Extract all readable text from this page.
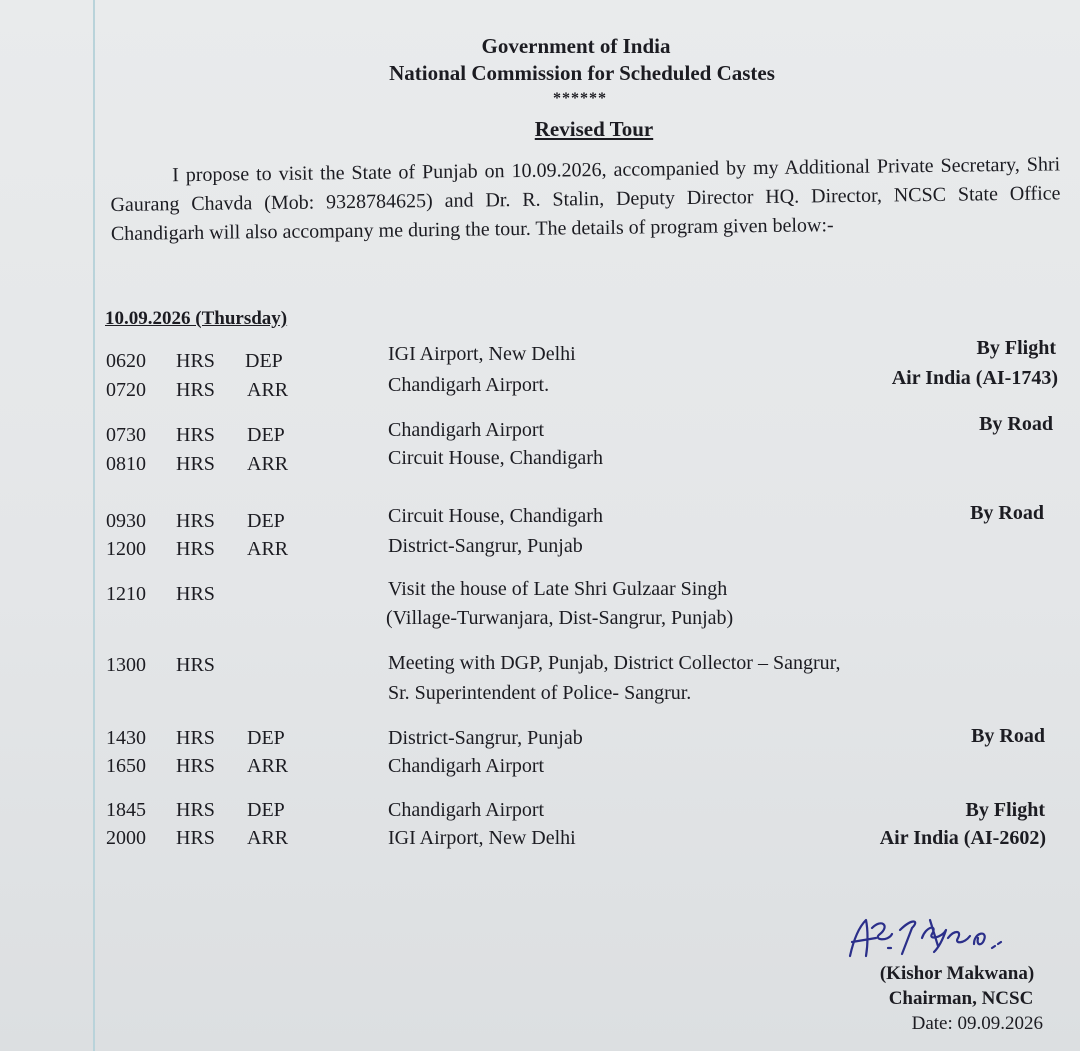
Government of India
National Commission for Scheduled Castes
******
Revised Tour

I propose to visit the State of Punjab on 10.09.2026, accompanied by my Additional Private Secretary, Shri Gaurang Chavda (Mob: 9328784625) and Dr. R. Stalin, Deputy Director HQ. Director, NCSC State Office Chandigarh will also accompany me during the tour. The details of program given below:-

10.09.2026 (Thursday)
0620 HRS DEP	IGI Airport, New Delhi	By Flight
0720 HRS ARR	Chandigarh Airport.	Air India (AI-1743)
0730 HRS DEP	Chandigarh Airport	By Road
0810 HRS ARR	Circuit House, Chandigarh
0930 HRS DEP	Circuit House, Chandigarh	By Road
1200 HRS ARR	District-Sangrur, Punjab
1210 HRS	Visit the house of Late Shri Gulzaar Singh
(Village-Turwanjara, Dist-Sangrur, Punjab)
1300 HRS	Meeting with DGP, Punjab, District Collector – Sangrur,
Sr. Superintendent of Police- Sangrur.
1430 HRS DEP	District-Sangrur, Punjab	By Road
1650 HRS ARR	Chandigarh Airport
1845 HRS DEP	Chandigarh Airport	By Flight
2000 HRS ARR	IGI Airport, New Delhi	Air India (AI-2602)
(Kishor Makwana)
Chairman, NCSC
Date: 09.09.2026
